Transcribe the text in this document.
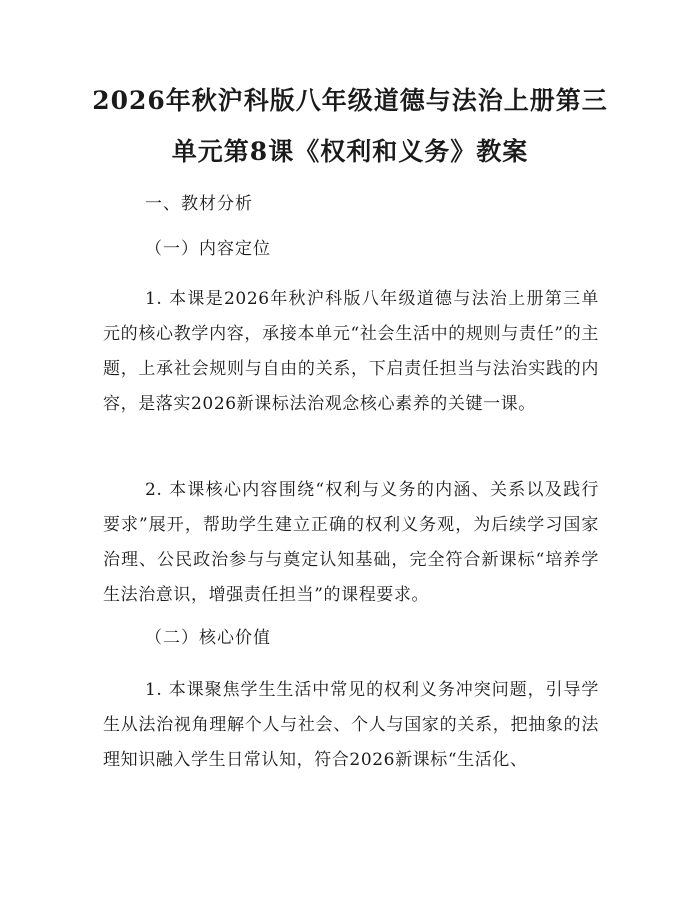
2026年秋沪科版八年级道德与法治上册第三
单元第8课《权利和义务》教案
一、教材分析
（一）内容定位

1. 本课是2026年秋沪科版八年级道德与法治上册第三单元的核心教学内容，承接本单元“社会生活中的规则与责任”的主题，上承社会规则与自由的关系，下启责任担当与法治实践的内容，是落实2026新课标法治观念核心素养的关键一课。

2. 本课核心内容围绕“权利与义务的内涵、关系以及践行要求”展开，帮助学生建立正确的权利义务观，为后续学习国家治理、公民政治参与与奠定认知基础，完全符合新课标“培养学生法治意识，增强责任担当”的课程要求。

（二）核心价值

1. 本课聚焦学生生活中常见的权利义务冲突问题，引导学生从法治视角理解个人与社会、个人与国家的关系，把抽象的法理知识融入学生日常认知，符合2026新课标“生活化、
